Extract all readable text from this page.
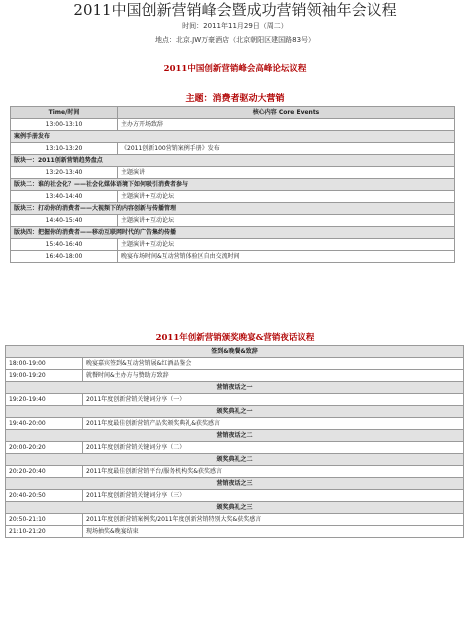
2011中国创新营销峰会暨成功营销领袖年会议程
时间：2011年11月29日（周二）
地点：北京.JW万豪酒店（北京朝阳区建国路83号）
2011中国创新营销峰会高峰论坛议程
主题：消费者驱动大营销
Time/时间	核心内容 Core Events
13:00-13:10	主办方开场致辞
案例手册发布	
13:10-13:20	《2011创新100营销案例手册》发布
版块一：2011创新营销趋势盘点	
13:20-13:40	主题演讲
版块二：谁的社会化？——社会化媒体语境下如何吸引消费者参与	
13:40-14:40	主题演讲+互动论坛
版块三：打动你的消费者——大视频下的内容创新与传播管理	
14:40-15:40	主题演讲+互动论坛
版块四：把握你的消费者——移动互联网时代的广告集约传播	
15:40-16:40	主题演讲+互动论坛
16:40-18:00	晚宴布场时间&互动营销体验区自由交流时间
2011年创新营销颁奖晚宴&营销夜话议程
签到&晚餐&致辞	
18:00-19:00	晚宴嘉宾签到&互动营销展&红酒品鉴会
19:00-19:20	就餐时间&主办方与赞助方致辞
营销夜话之一	
19:20-19:40	2011年度创新营销关键词分享（一）
颁奖典礼之一	
19:40-20:00	2011年度最佳创新营销产品奖颁奖典礼&获奖感言
营销夜话之二	
20:00-20:20	2011年度创新营销关键词分享（二）
颁奖典礼之二	
20:20-20:40	2011年度最佳创新营销平台/服务机构奖&获奖感言
营销夜话之三	
20:40-20:50	2011年度创新营销关键词分享（三）
颁奖典礼之三	
20:50-21:10	2011年度创新营销案例奖/2011年度创新营销特别大奖&获奖感言
21:10-21:20	现场抽奖&晚宴结束
